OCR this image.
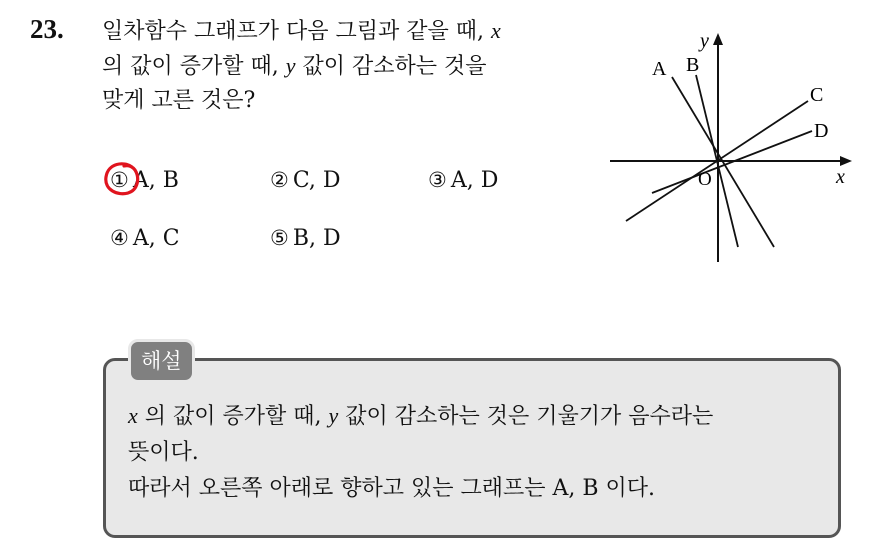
23. 일차함수 그래프가 다음 그림과 같을 때, x
의 값이 증가할 때, y 값이 감소하는 것을
맞게 고른 것은?
① A, B	② C, D	③ A, D
④ A, C	⑤ B, D
x
y
O
A B
C
D
해설
x 의 값이 증가할 때, y 값이 감소하는 것은 기울기가 음수라는
뜻이다.
따라서 오른쪽 아래로 향하고 있는 그래프는 A, B 이다.
